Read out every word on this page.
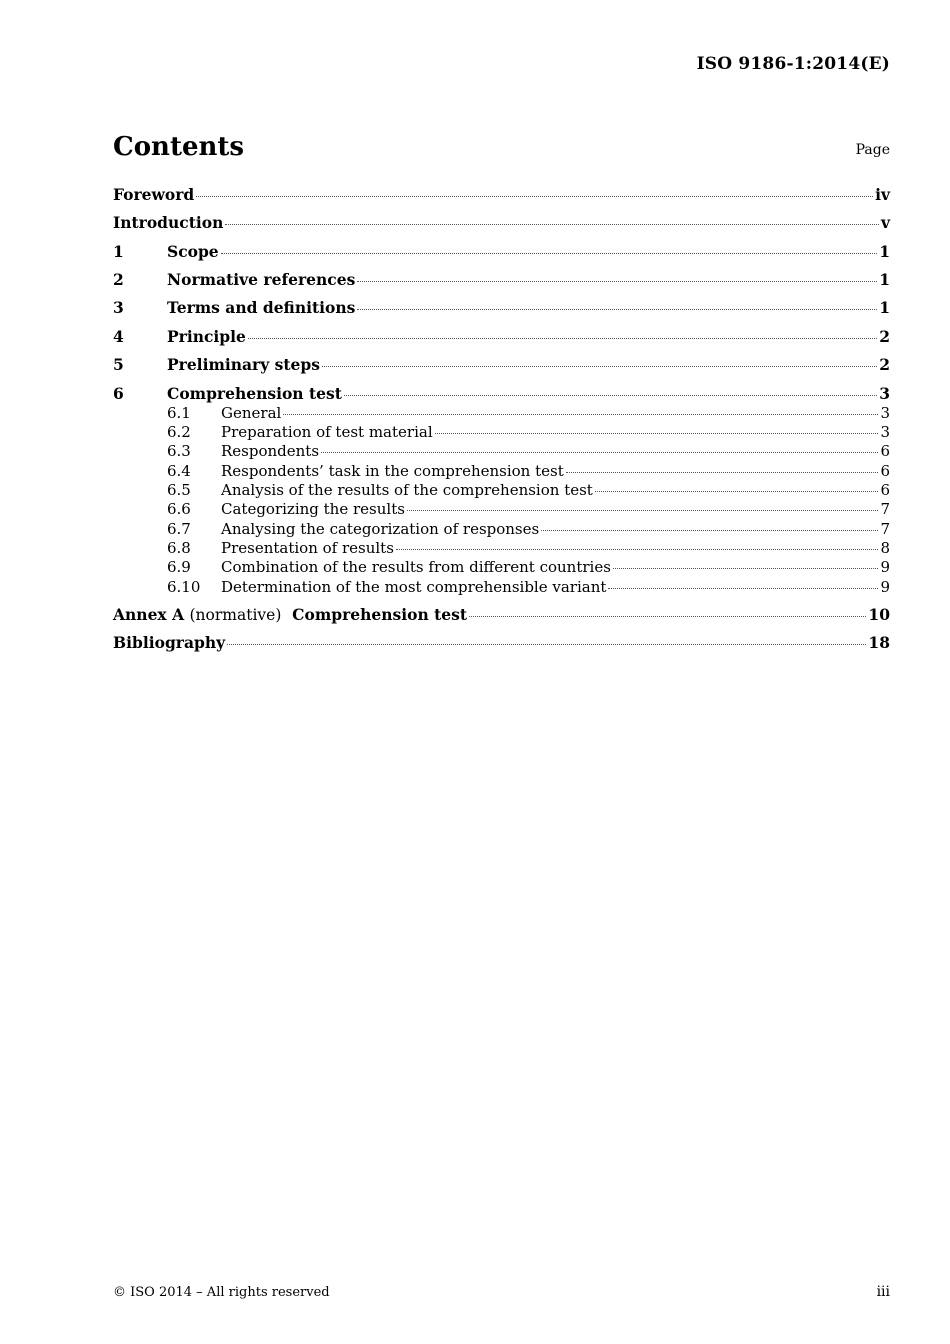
ISO 9186-1:2014(E)
Contents	Page
Foreword	iv
Introduction	v
1	Scope	1
2	Normative references	1
3	Terms and definitions	1
4	Principle	2
5	Preliminary steps	2
6	Comprehension test	3
6.1	General	3
6.2	Preparation of test material	3
6.3	Respondents	6
6.4	Respondents’ task in the comprehension test	6
6.5	Analysis of the results of the comprehension test	6
6.6	Categorizing the results	7
6.7	Analysing the categorization of responses	7
6.8	Presentation of results	8
6.9	Combination of the results from different countries	9
6.10	Determination of the most comprehensible variant	9
Annex A (normative) Comprehension test	10
Bibliography	18
© ISO 2014 – All rights reserved	iii
